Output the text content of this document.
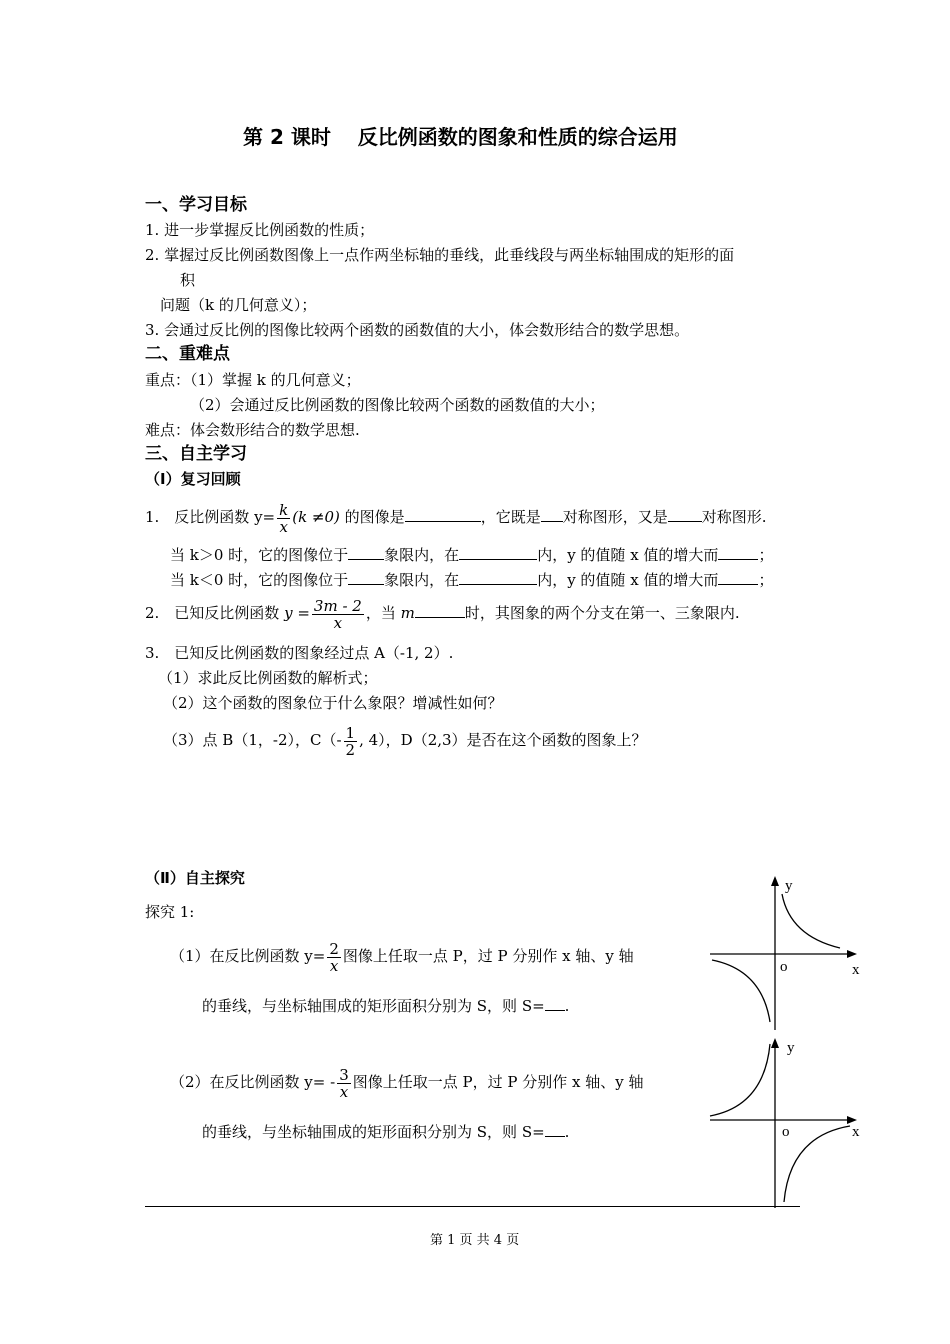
第 2 课时　 反比例函数的图象和性质的综合运用
一、学习目标
1. 进一步掌握反比例函数的性质；
2. 掌握过反比例函数图像上一点作两坐标轴的垂线，此垂线段与两坐标轴围成的矩形的面
积
问题（k 的几何意义）；
3. 会通过反比例的图像比较两个函数的函数值的大小，体会数形结合的数学思想。
二、重难点
重点：（1）掌握 k 的几何意义；
（2）会通过反比例函数的图像比较两个函数的函数值的大小；
难点：体会数形结合的数学思想.
三、自主学习
（Ⅰ）复习回顾
1.　反比例函数 $y= \frac{k}{x} (k \ne 0)$ 的图像是	，它既是 对称图形，又是 对称图形.
当 k＞0 时，它的图像位于 象限内，在	内，y 的值随 x 值的增大而	；
当 k＜0 时，它的图像位于 象限内，在	内，y 的值随 x 值的增大而	；
2.　已知反比例函数 $y = \frac{3m - 2}{x}$ ，当 m	时，其图象的两个分支在第一、三象限内.
3.　已知反比例函数的图象经过点 A（-1, 2）.
（1）求此反比例函数的解析式；
（2）这个函数的图象位于什么象限？增减性如何？
（3）点 B（1，-2），$C(- \frac{1}{2}$ , 4），D（2,3）是否在这个函数的图象上？
（Ⅱ）自主探究
探究 1:
（1）在反比例函数 $y= \frac{2}{x}$ 图像上任取一点 P，过 P 分别作 x 轴、y 轴
的垂线，与坐标轴围成的矩形面积分别为 S，则 S= .
（2）在反比例函数 $y= - \frac{3}{x}$ 图像上任取一点 P，过 P 分别作 x 轴、y 轴
的垂线，与坐标轴围成的矩形面积分别为 S，则 S= .
y
x
o
y
x
o
第 1 页 共 4 页
